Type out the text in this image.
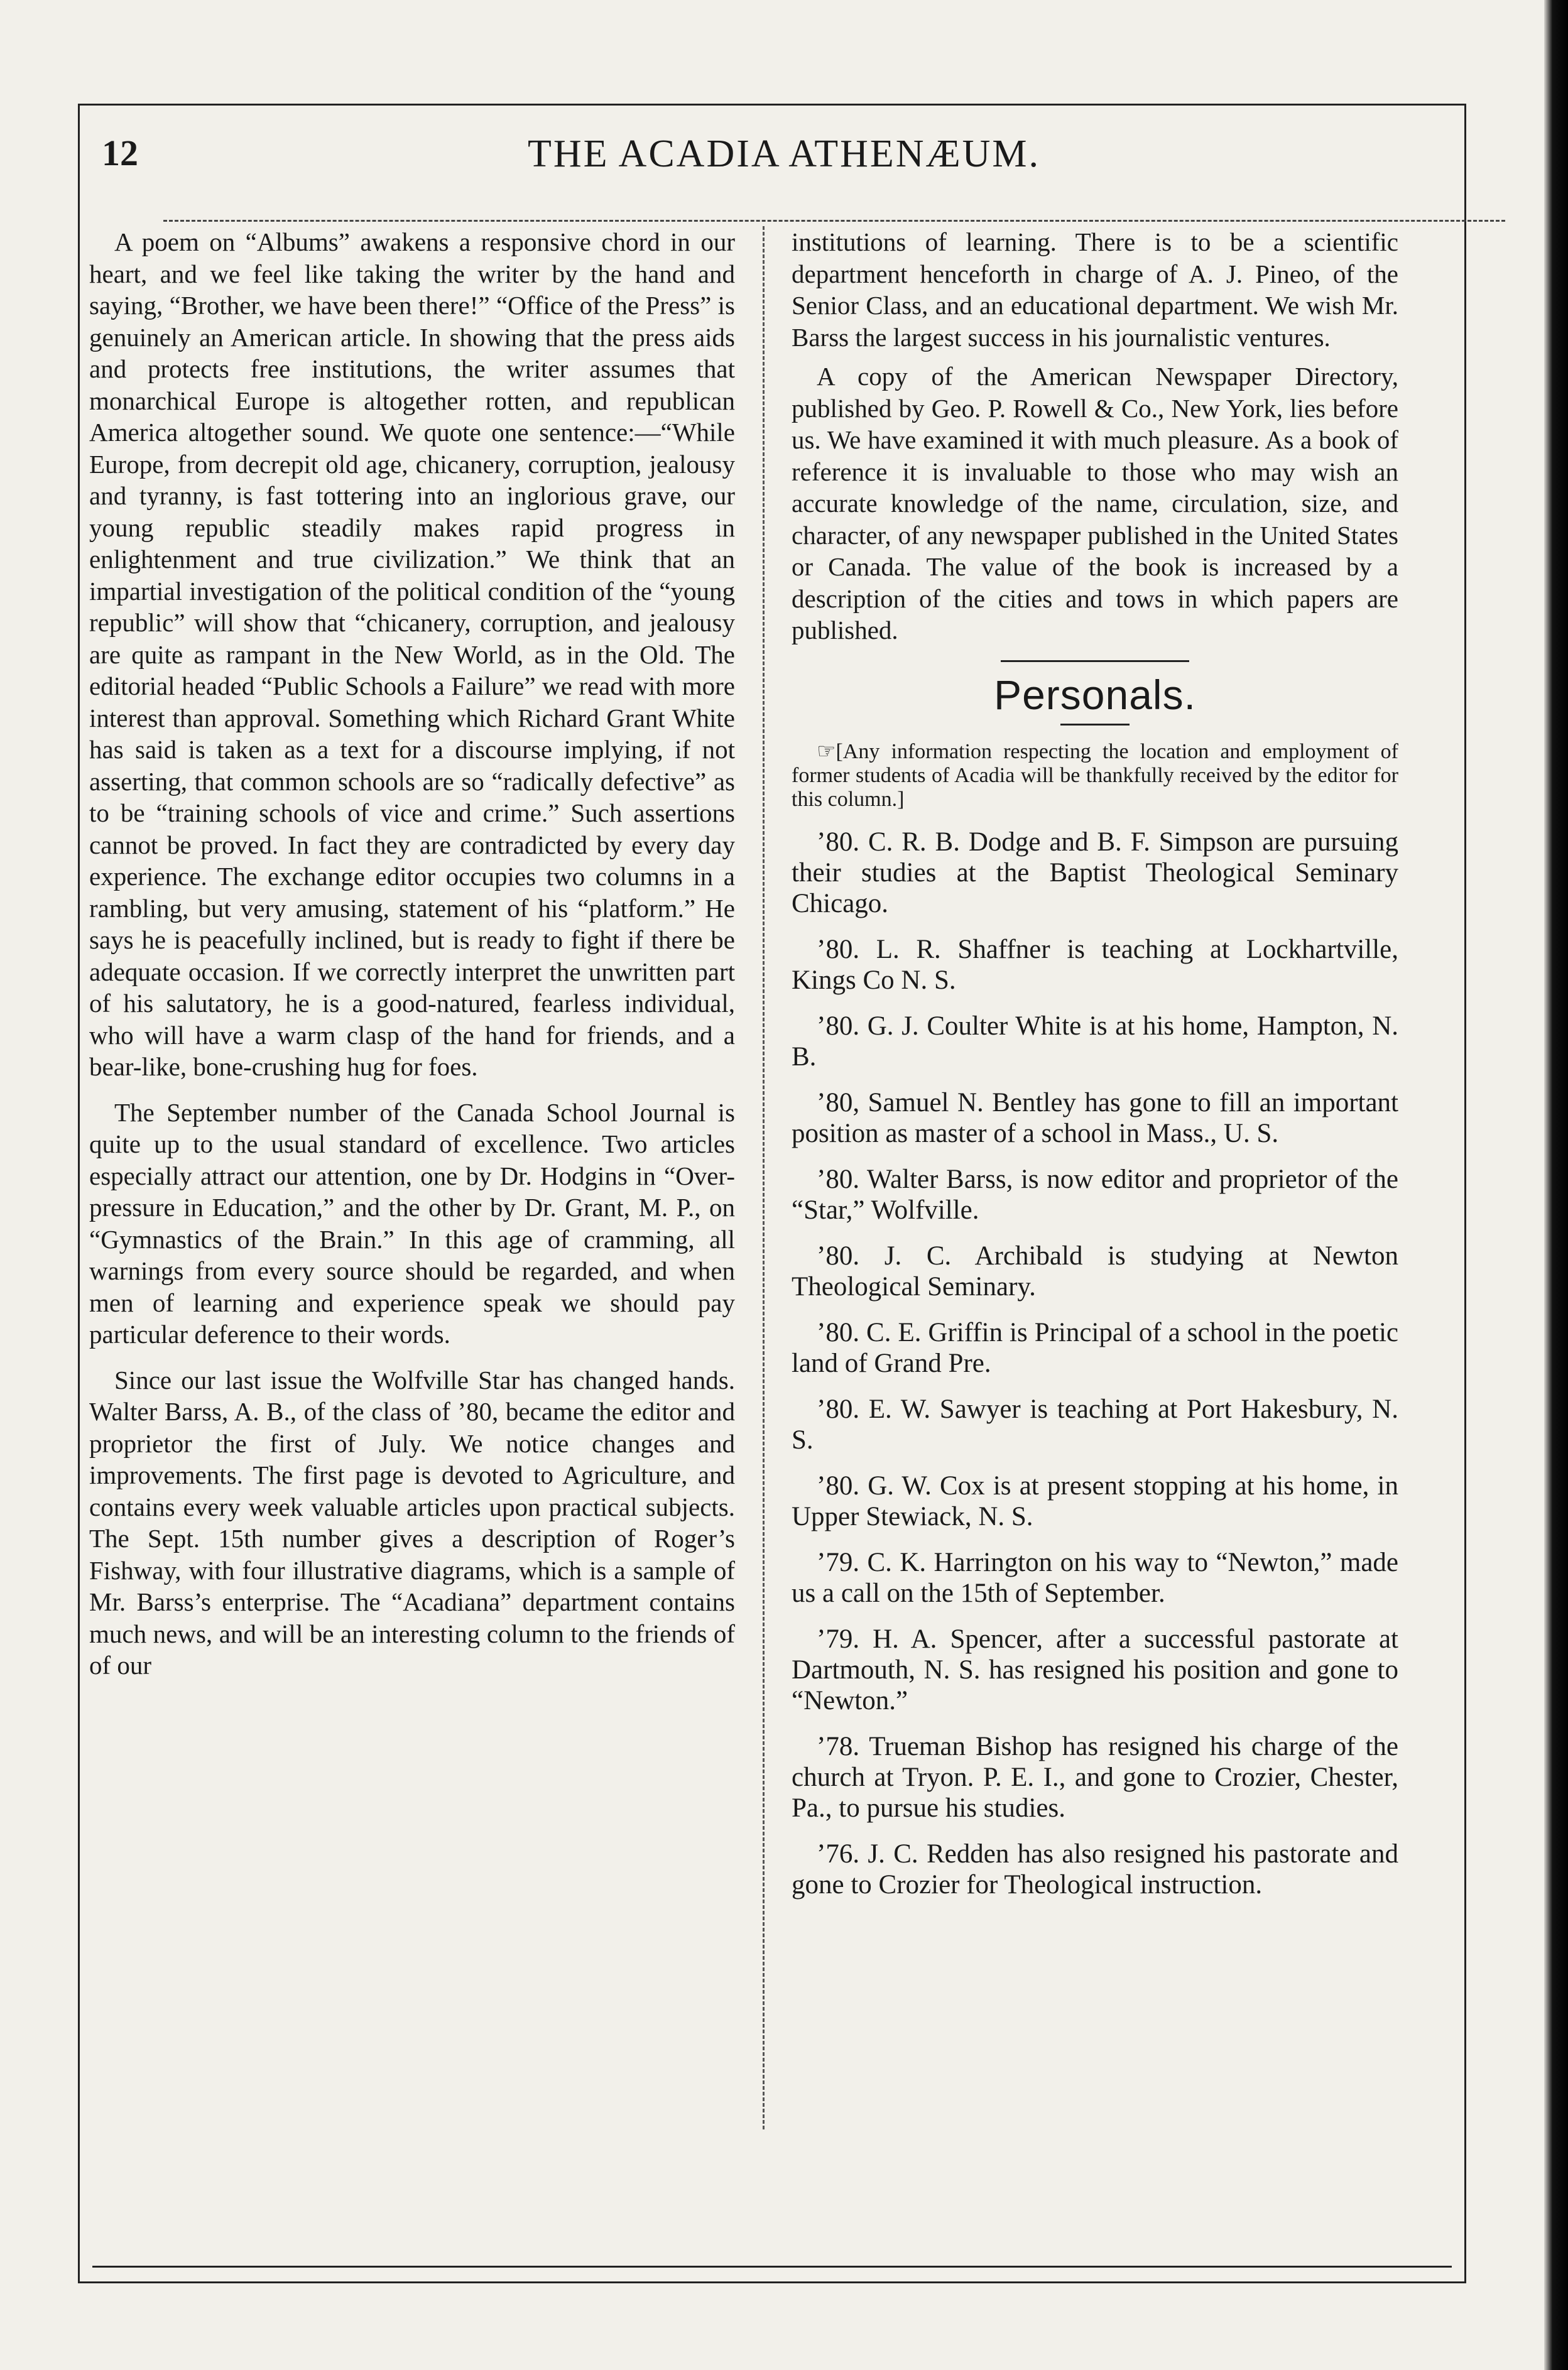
12	THE ACADIA ATHENÆUM.

A poem on “Albums” awakens a responsive chord in our heart, and we feel like taking the writer by the hand and saying, “Brother, we have been there!” “Office of the Press” is genuinely an American article. In showing that the press aids and protects free institutions, the writer assumes that monarchical Europe is altogether rotten, and republican America altogether sound. We quote one sentence:—“While Europe, from decrepit old age, chicanery, corruption, jealousy and tyranny, is fast tottering into an inglorious grave, our young republic steadily makes rapid progress in enlightenment and true civilization.” We think that an impartial investigation of the political condition of the “young republic” will show that “chicanery, corruption, and jealousy are quite as rampant in the New World, as in the Old. The editorial headed “Public Schools a Failure” we read with more interest than approval. Something which Richard Grant White has said is taken as a text for a discourse implying, if not asserting, that common schools are so “radically defective” as to be “training schools of vice and crime.” Such assertions cannot be proved. In fact they are contradicted by every day experience. The exchange editor occupies two columns in a rambling, but very amusing, statement of his “platform.” He says he is peacefully inclined, but is ready to fight if there be adequate occasion. If we correctly interpret the unwritten part of his salutatory, he is a good-natured, fearless individual, who will have a warm clasp of the hand for friends, and a bear-like, bone-crushing hug for foes.

The September number of the Canada School Journal is quite up to the usual standard of excellence. Two articles especially attract our attention, one by Dr. Hodgins in “Over-pressure in Education,” and the other by Dr. Grant, M. P., on “Gymnastics of the Brain.” In this age of cramming, all warnings from every source should be regarded, and when men of learning and experience speak we should pay particular deference to their words.

Since our last issue the Wolfville Star has changed hands. Walter Barss, A. B., of the class of ’80, became the editor and proprietor the first of July. We notice changes and improvements. The first page is devoted to Agriculture, and contains every week valuable articles upon practical subjects. The Sept. 15th number gives a description of Roger’s Fishway, with four illustrative diagrams, which is a sample of Mr. Barss’s enterprise. The “Acadiana” department contains much news, and will be an interesting column to the friends of of our

institutions of learning. There is to be a scientific department henceforth in charge of A. J. Pineo, of the Senior Class, and an educational department. We wish Mr. Barss the largest success in his journalistic ventures.

A copy of the American Newspaper Directory, published by Geo. P. Rowell & Co., New York, lies before us. We have examined it with much pleasure. As a book of reference it is invaluable to those who may wish an accurate knowledge of the name, circulation, size, and character, of any newspaper published in the United States or Canada. The value of the book is increased by a description of the cities and tows in which papers are published.

Personals.

☞[Any information respecting the location and employment of former students of Acadia will be thankfully received by the editor for this column.]

’80. C. R. B. Dodge and B. F. Simpson are pursuing their studies at the Baptist Theological Seminary Chicago.

’80. L. R. Shaffner is teaching at Lockhartville, Kings Co N. S.

’80. G. J. Coulter White is at his home, Hampton, N. B.

’80, Samuel N. Bentley has gone to fill an important position as master of a school in Mass., U. S.

’80. Walter Barss, is now editor and proprietor of the “Star,” Wolfville.

’80. J. C. Archibald is studying at Newton Theological Seminary.

’80. C. E. Griffin is Principal of a school in the poetic land of Grand Pre.

’80. E. W. Sawyer is teaching at Port Hakesbury, N. S.

’80. G. W. Cox is at present stopping at his home, in Upper Stewiack, N. S.

’79. C. K. Harrington on his way to “Newton,” made us a call on the 15th of September.

’79. H. A. Spencer, after a successful pastorate at Dartmouth, N. S. has resigned his position and gone to “Newton.”

’78. Trueman Bishop has resigned his charge of the church at Tryon. P. E. I., and gone to Crozier, Chester, Pa., to pursue his studies.

’76. J. C. Redden has also resigned his pastorate and gone to Crozier for Theological instruction.
